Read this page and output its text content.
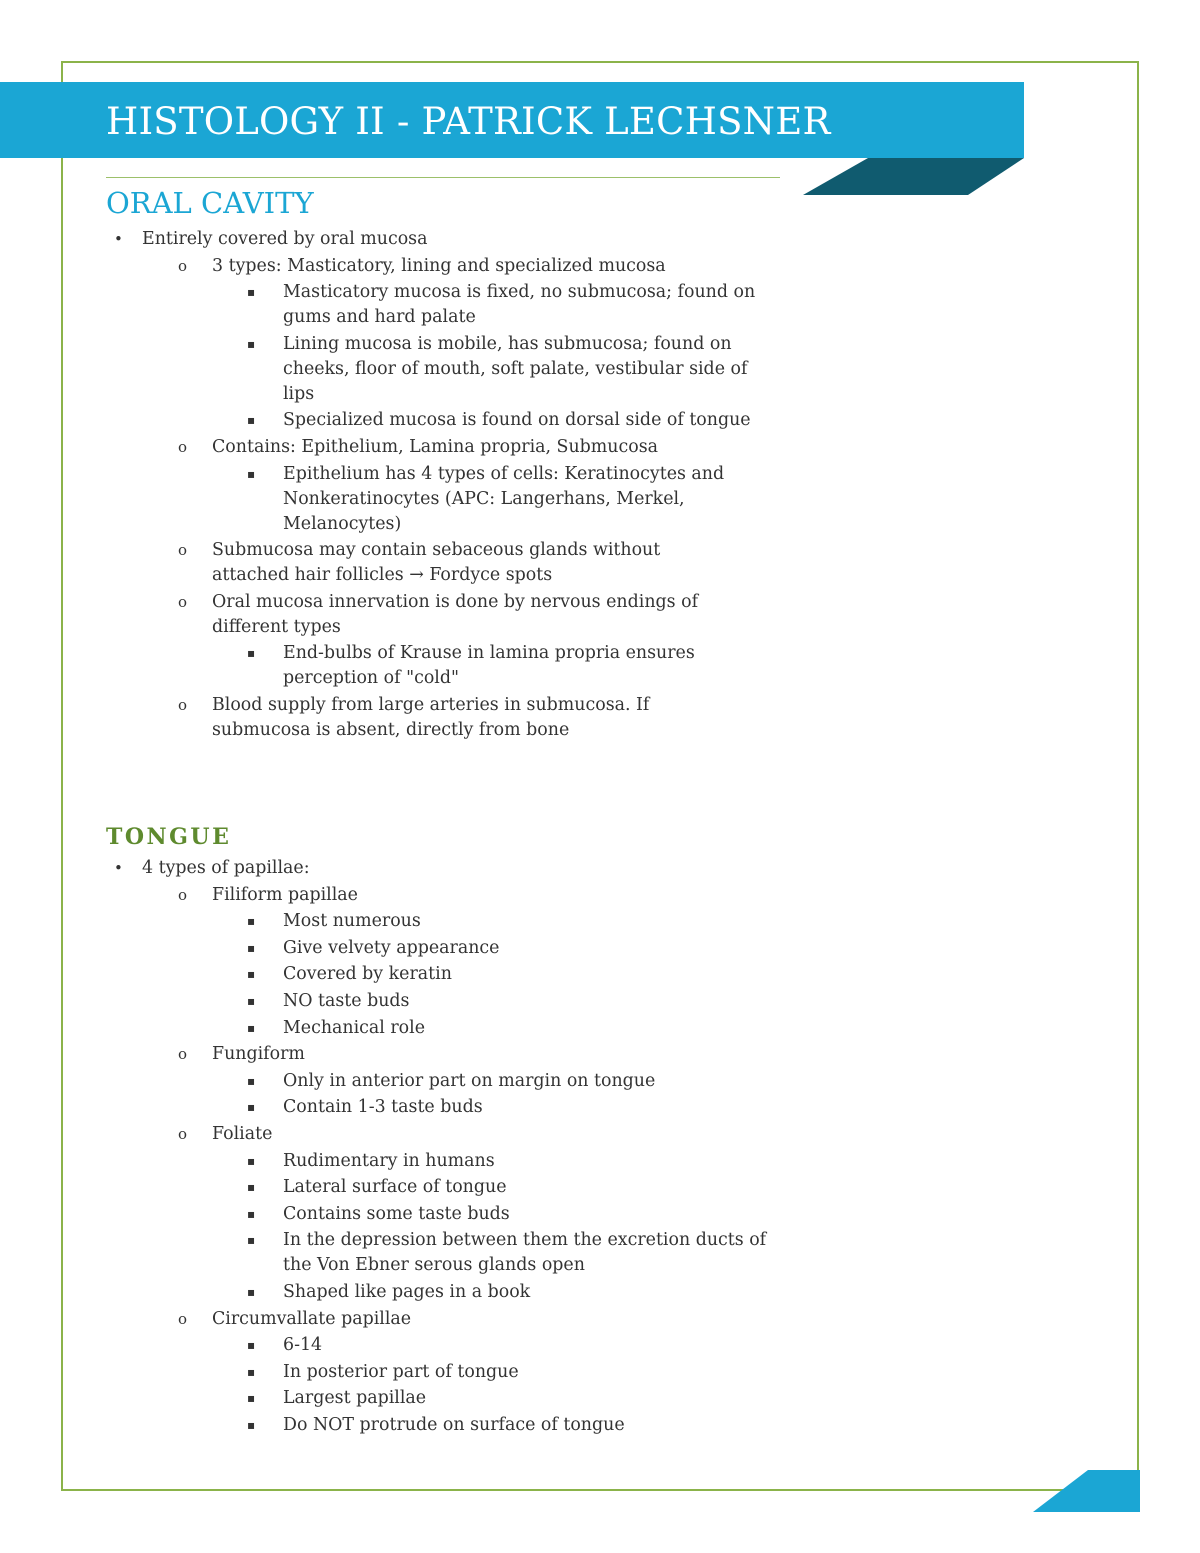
HISTOLOGY II - PATRICK LECHSNER
ORAL CAVITY
• Entirely covered by oral mucosa
o 3 types: Masticatory, lining and specialized mucosa
▪ Masticatory mucosa is fixed, no submucosa; found on gums and hard palate
▪ Lining mucosa is mobile, has submucosa; found on cheeks, floor of mouth, soft palate, vestibular side of lips
▪ Specialized mucosa is found on dorsal side of tongue
o Contains: Epithelium, Lamina propria, Submucosa
▪ Epithelium has 4 types of cells: Keratinocytes and Nonkeratinocytes (APC: Langerhans, Merkel, Melanocytes)
o Submucosa may contain sebaceous glands without attached hair follicles → Fordyce spots
o Oral mucosa innervation is done by nervous endings of different types
▪ End-bulbs of Krause in lamina propria ensures perception of "cold"
o Blood supply from large arteries in submucosa. If submucosa is absent, directly from bone
TONGUE
• 4 types of papillae:
o Filiform papillae
▪ Most numerous
▪ Give velvety appearance
▪ Covered by keratin
▪ NO taste buds
▪ Mechanical role
o Fungiform
▪ Only in anterior part on margin on tongue
▪ Contain 1-3 taste buds
o Foliate
▪ Rudimentary in humans
▪ Lateral surface of tongue
▪ Contains some taste buds
▪ In the depression between them the excretion ducts of the Von Ebner serous glands open
▪ Shaped like pages in a book
o Circumvallate papillae
▪ 6-14
▪ In posterior part of tongue
▪ Largest papillae
▪ Do NOT protrude on surface of tongue
